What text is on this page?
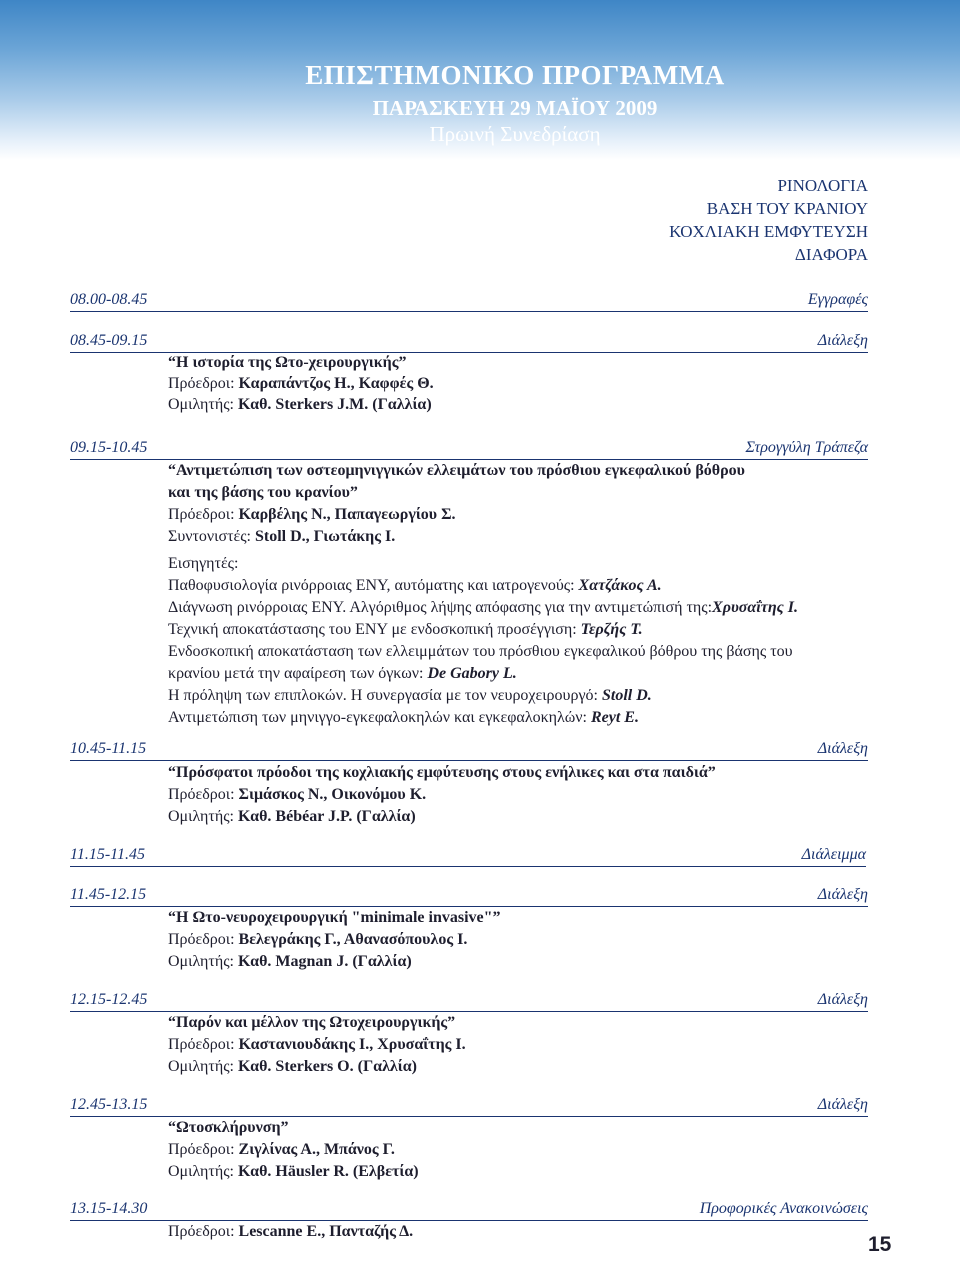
ΕΠΙΣΤΗΜΟΝΙΚΟ ΠΡΟΓΡΑΜΜΑ
ΠΑΡΑΣΚΕΥΗ 29 ΜΑΪΟΥ 2009
Πρωινή Συνεδρίαση
ΡΙΝΟΛΟΓΙΑ
ΒΑΣΗ ΤΟΥ ΚΡΑΝΙΟΥ
ΚΟΧΛΙΑΚΗ ΕΜΦΥΤΕΥΣΗ
ΔΙΑΦΟΡΑ
08.00-08.45	Εγγραφές
08.45-09.15	Διάλεξη
“Η ιστορία της Ωτο-χειρουργικής”
Πρόεδροι: Καραπάντζος Η., Καφφές Θ.
Ομιλητής: Καθ. Sterkers J.M. (Γαλλία)
09.15-10.45	Στρογγύλη Τράπεζα
“Αντιμετώπιση των οστεομηνιγγικών ελλειμάτων του πρόσθιου εγκεφαλικού βόθρου
και της βάσης του κρανίου”
Πρόεδροι: Καρβέλης Ν., Παπαγεωργίου Σ.
Συντονιστές: Stoll D., Γιωτάκης Ι.
Εισηγητές:
Παθοφυσιολογία ρινόρροιας ΕΝΥ, αυτόματης και ιατρογενούς: Χατζάκος Α.
Διάγνωση ρινόρροιας ΕΝΥ. Αλγόριθμος λήψης απόφασης για την αντιμετώπισή της:Χρυσαΐτης Ι.
Τεχνική αποκατάστασης του ΕΝΥ με ενδοσκοπική προσέγγιση: Τερζής Τ.
Ενδοσκοπική αποκατάσταση των ελλειμμάτων του πρόσθιου εγκεφαλικού βόθρου της βάσης του
κρανίου μετά την αφαίρεση των όγκων: De Gabory L.
Η πρόληψη των επιπλοκών. Η συνεργασία με τον νευροχειρουργό: Stoll D.
Αντιμετώπιση των μηνιγγο-εγκεφαλοκηλών και εγκεφαλοκηλών: Reyt E.
10.45-11.15	Διάλεξη
“Πρόσφατοι πρόοδοι της κοχλιακής εμφύτευσης στους ενήλικες και στα παιδιά”
Πρόεδροι: Σιμάσκος Ν., Οικονόμου Κ.
Ομιλητής: Καθ. Bébéar J.P. (Γαλλία)
11.15-11.45	Διάλειμμα
11.45-12.15	Διάλεξη
“Η Ωτο-νευροχειρουργική "minimale invasive"”
Πρόεδροι: Βελεγράκης Γ., Αθανασόπουλος Ι.
Ομιλητής: Καθ. Magnan J. (Γαλλία)
12.15-12.45	Διάλεξη
“Παρόν και μέλλον της Ωτοχειρουργικής”
Πρόεδροι: Καστανιουδάκης Ι., Χρυσαΐτης Ι.
Ομιλητής: Καθ. Sterkers O. (Γαλλία)
12.45-13.15	Διάλεξη
“Ωτοσκλήρυνση”
Πρόεδροι: Ζιγλίνας Α., Μπάνος Γ.
Ομιλητής: Καθ. Häusler R. (Ελβετία)
13.15-14.30	Προφορικές Ανακοινώσεις
Πρόεδροι: Lescanne E., Πανταζής Δ.
15
